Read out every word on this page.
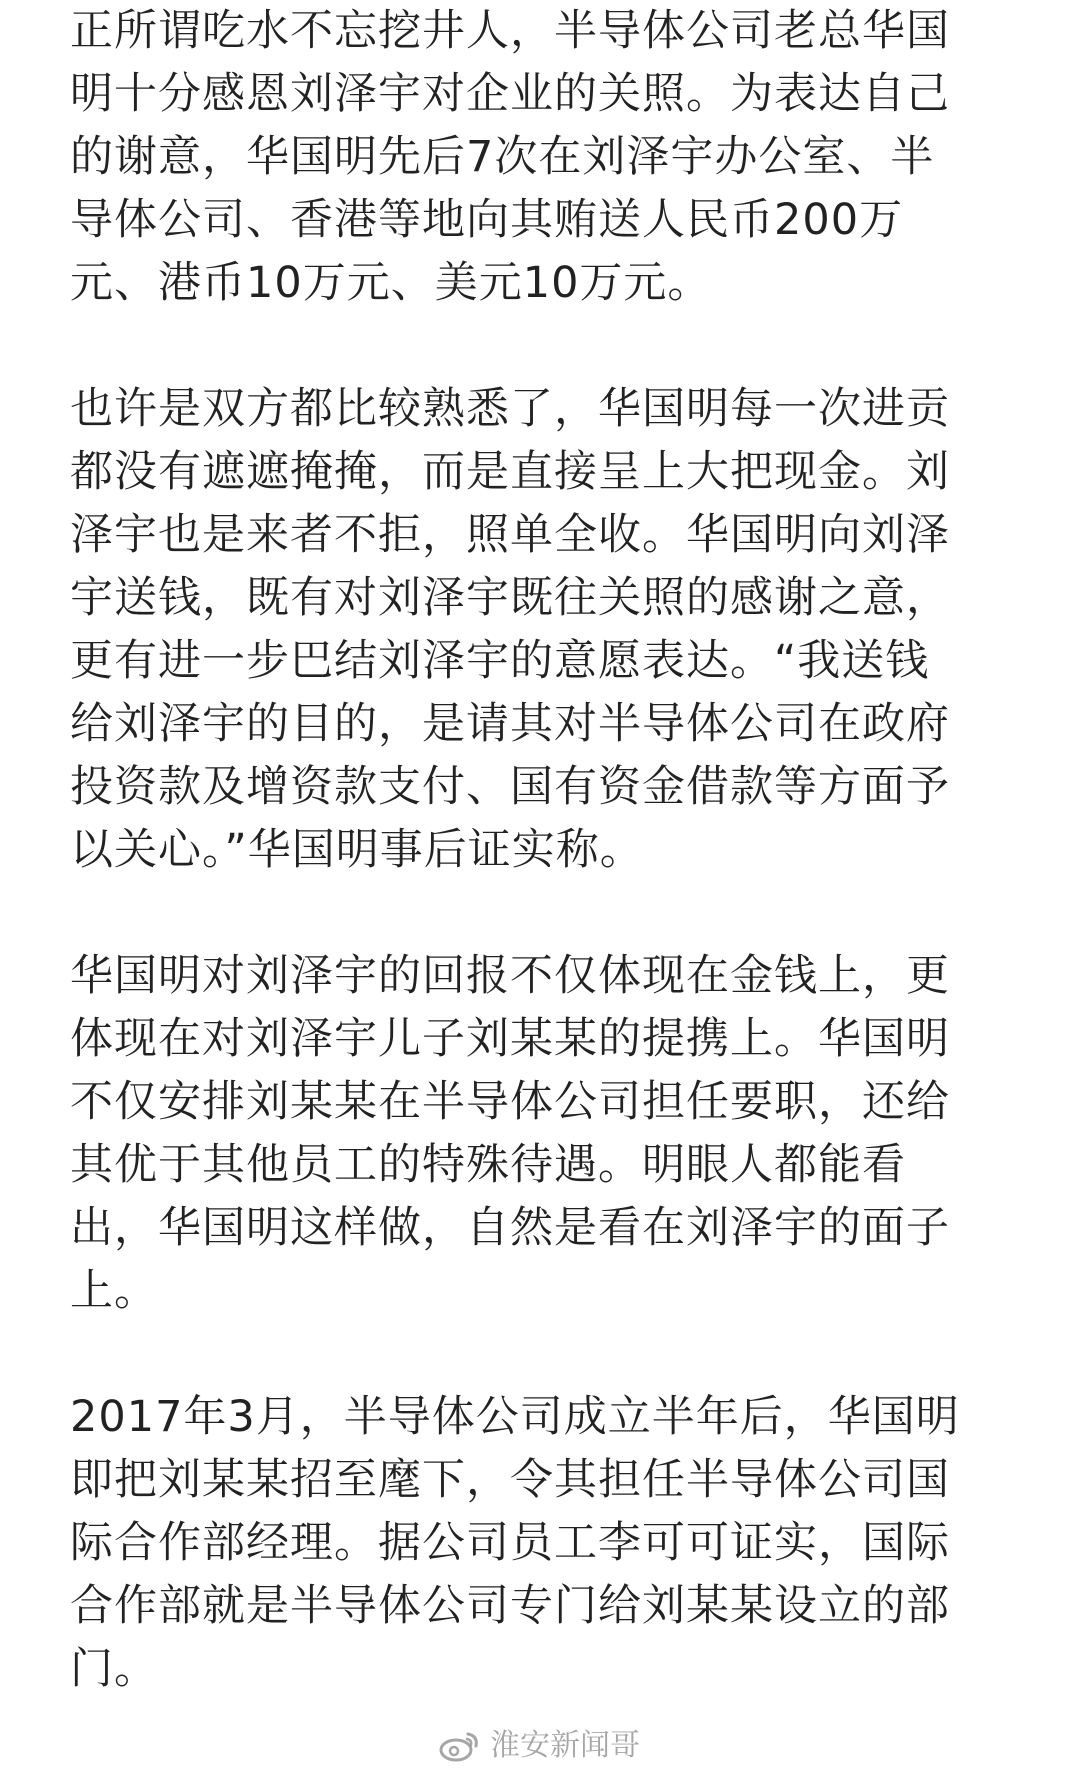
正所谓吃水不忘挖井人，半导体公司老总华国
明十分感恩刘泽宇对企业的关照。为表达自己
的谢意，华国明先后7次在刘泽宇办公室、半
导体公司、香港等地向其贿送人民币200万
元、港币10万元、美元10万元。
也许是双方都比较熟悉了，华国明每一次进贡
都没有遮遮掩掩，而是直接呈上大把现金。刘
泽宇也是来者不拒，照单全收。华国明向刘泽
宇送钱，既有对刘泽宇既往关照的感谢之意，
更有进一步巴结刘泽宇的意愿表达。“我送钱
给刘泽宇的目的，是请其对半导体公司在政府
投资款及增资款支付、国有资金借款等方面予
以关心。”华国明事后证实称。
华国明对刘泽宇的回报不仅体现在金钱上，更
体现在对刘泽宇儿子刘某某的提携上。华国明
不仅安排刘某某在半导体公司担任要职，还给
其优于其他员工的特殊待遇。明眼人都能看
出，华国明这样做，自然是看在刘泽宇的面子
上。
2017年3月，半导体公司成立半年后，华国明
即把刘某某招至麾下，令其担任半导体公司国
际合作部经理。据公司员工李可可证实，国际
合作部就是半导体公司专门给刘某某设立的部
门。
淮安新闻哥
